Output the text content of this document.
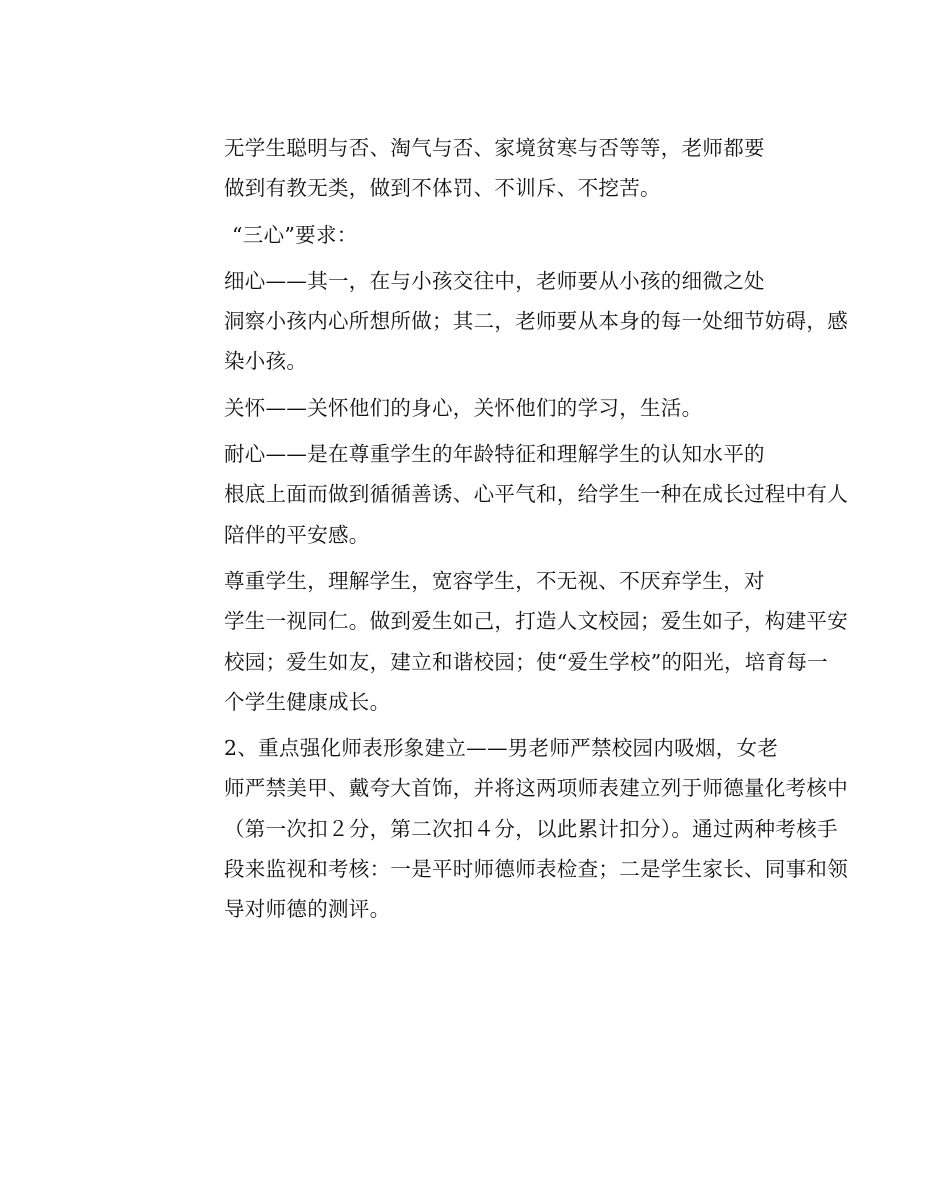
无学生聪明与否、淘气与否、家境贫寒与否等等，老师都要
做到有教无类，做到不体罚、不训斥、不挖苦。

“三心”要求：

细心——其一，在与小孩交往中，老师要从小孩的细微之处
洞察小孩内心所想所做；其二，老师要从本身的每一处细节妨碍，感
染小孩。

关怀——关怀他们的身心，关怀他们的学习，生活。

耐心——是在尊重学生的年龄特征和理解学生的认知水平的
根底上面而做到循循善诱、心平气和，给学生一种在成长过程中有人
陪伴的平安感。

尊重学生，理解学生，宽容学生，不无视、不厌弃学生，对
学生一视同仁。做到爱生如己，打造人文校园；爱生如子，构建平安
校园；爱生如友，建立和谐校园；使“爱生学校”的阳光，培育每一
个学生健康成长。

2、重点强化师表形象建立——男老师严禁校园内吸烟，女老
师严禁美甲、戴夸大首饰，并将这两项师表建立列于师德量化考核中
（第一次扣２分，第二次扣４分，以此累计扣分）。通过两种考核手
段来监视和考核：一是平时师德师表检查；二是学生家长、同事和领
导对师德的测评。
